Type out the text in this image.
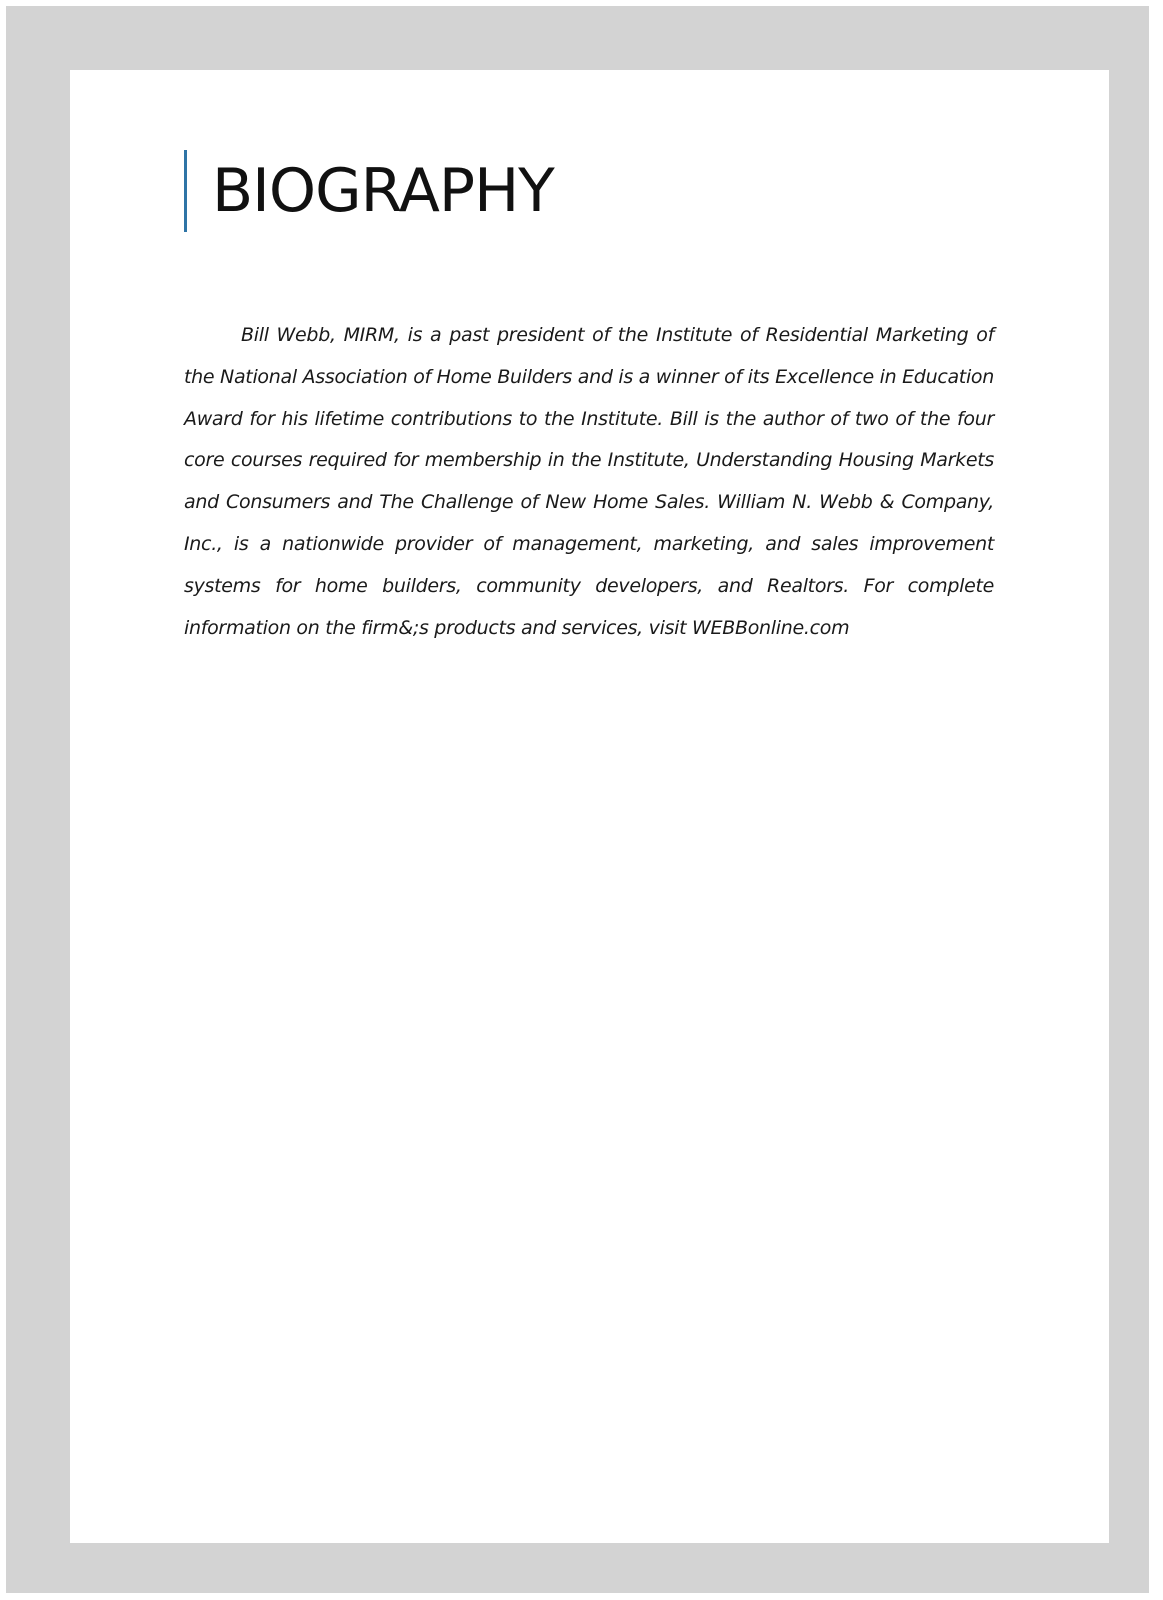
BIOGRAPHY

Bill Webb, MIRM, is a past president of the Institute of Residential Marketing of the National Association of Home Builders and is a winner of its Excellence in Education Award for his lifetime contributions to the Institute. Bill is the author of two of the four core courses required for membership in the Institute, Understanding Housing Markets and Consumers and The Challenge of New Home Sales. William N. Webb & Company, Inc., is a nationwide provider of management, marketing, and sales improvement systems for home builders, community developers, and Realtors. For complete information on the firm&;s products and services, visit WEBBonline.com
